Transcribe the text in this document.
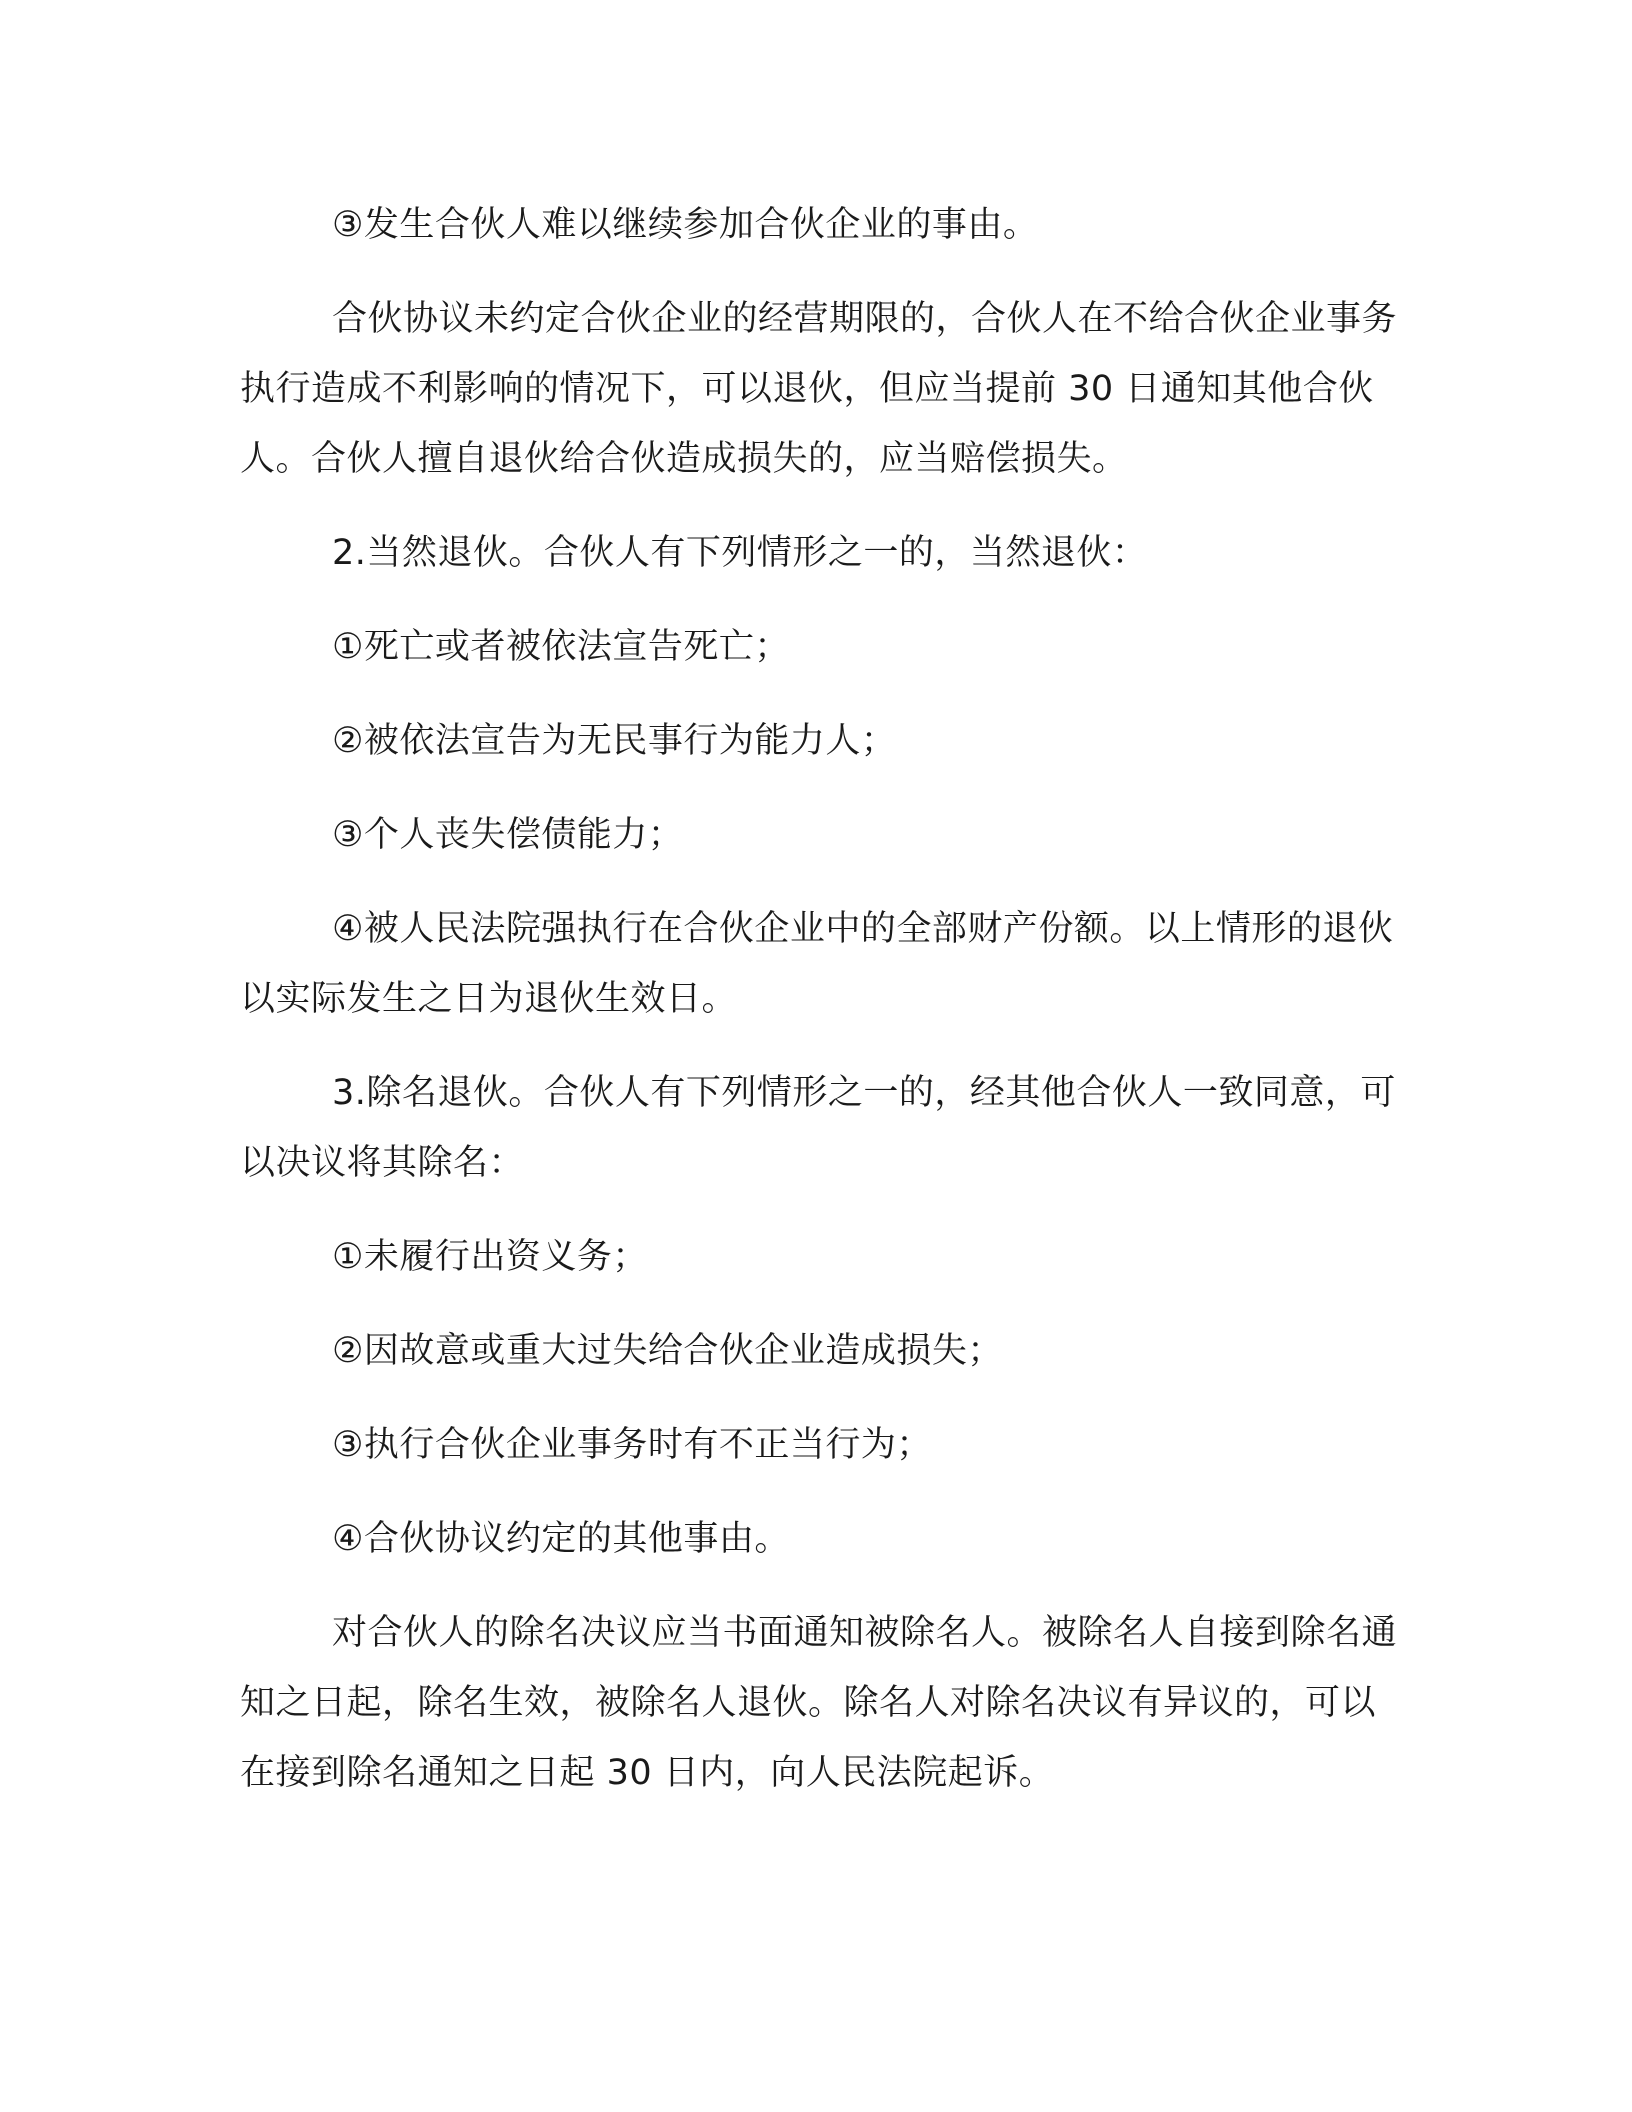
③发生合伙人难以继续参加合伙企业的事由。

合伙协议未约定合伙企业的经营期限的，合伙人在不给合伙企业事务执行造成不利影响的情况下，可以退伙，但应当提前 30 日通知其他合伙人。合伙人擅自退伙给合伙造成损失的，应当赔偿损失。

2.当然退伙。合伙人有下列情形之一的，当然退伙：

①死亡或者被依法宣告死亡；

②被依法宣告为无民事行为能力人；

③个人丧失偿债能力；

④被人民法院强执行在合伙企业中的全部财产份额。以上情形的退伙以实际发生之日为退伙生效日。

3.除名退伙。合伙人有下列情形之一的，经其他合伙人一致同意，可以决议将其除名：

①未履行出资义务；

②因故意或重大过失给合伙企业造成损失；

③执行合伙企业事务时有不正当行为；

④合伙协议约定的其他事由。

对合伙人的除名决议应当书面通知被除名人。被除名人自接到除名通知之日起，除名生效，被除名人退伙。除名人对除名决议有异议的，可以在接到除名通知之日起 30 日内，向人民法院起诉。
